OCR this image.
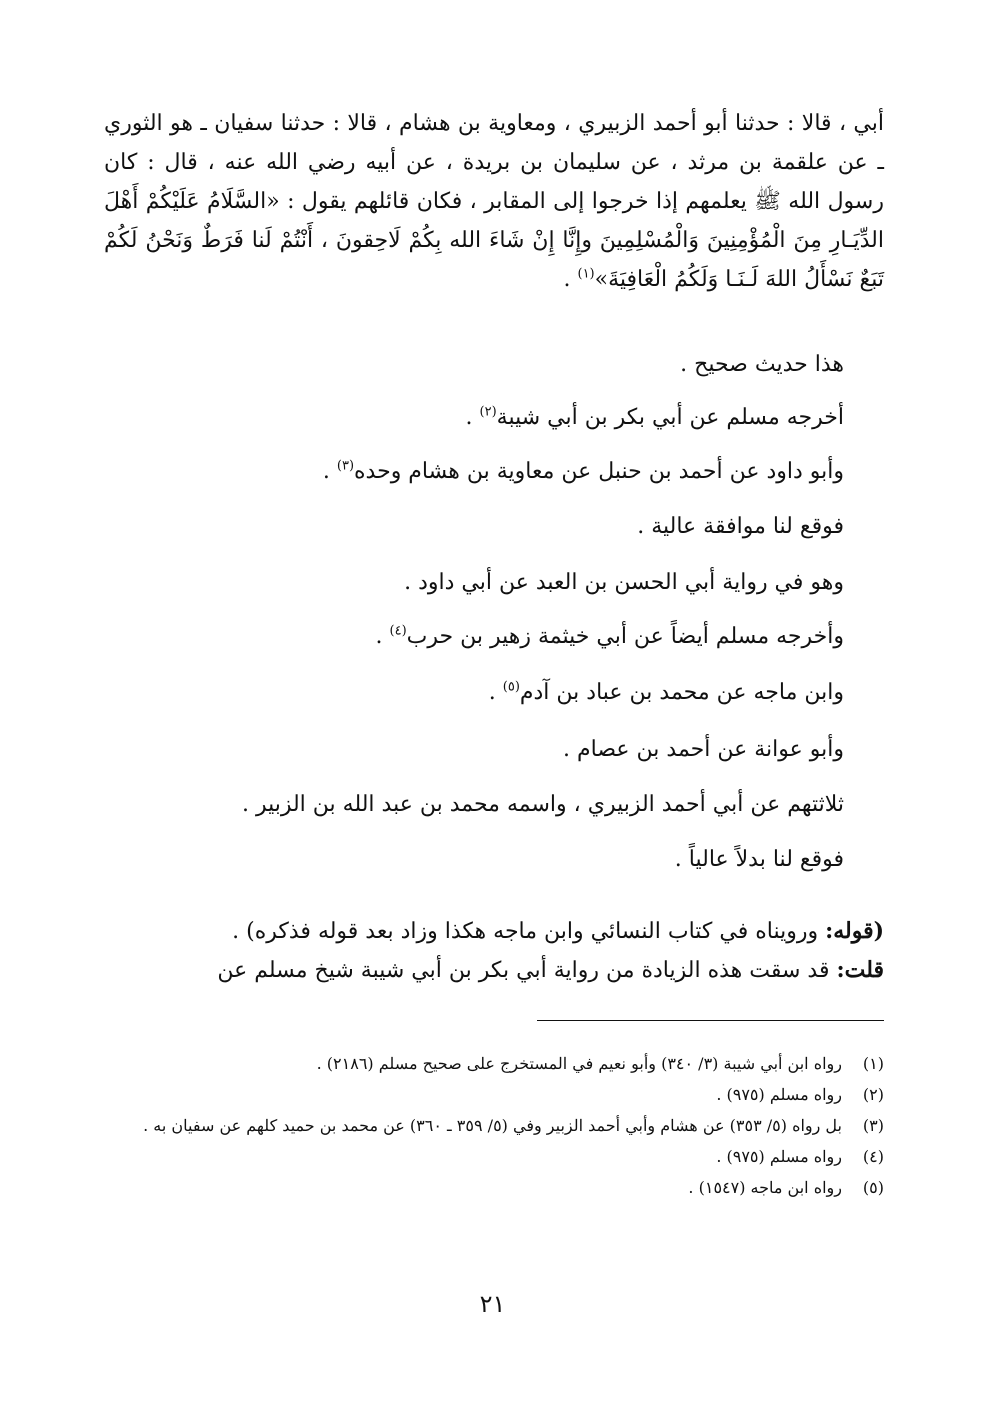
أبي ، قالا : حدثنا أبو أحمد الزبيري ، ومعاوية بن هشام ، قالا : حدثنا سفيان ـ هو الثوري ـ عن علقمة بن مرثد ، عن سليمان بن بريدة ، عن أبيه رضي الله عنه ، قال : كان رسول الله ﷺ يعلمهم إذا خرجوا إلى المقابر ، فكان قائلهم يقول : «السَّلَامُ عَلَيْكُمْ أَهْلَ الدِّيَـارِ مِنَ الْمُؤْمِنِينَ وَالْمُسْلِمِينَ وإِنَّا إِنْ شَاءَ الله بِكُمْ لَاحِقونَ ، أَنْتُمْ لَنا فَرَطٌ وَنَحْنُ لَكُمْ تَبَعٌ نَسْأَلُ اللهَ لَـنَـا وَلَكُمُ الْعَافِيَةَ»$^{(١)}$ .

هذا حديث صحيح .

أخرجه مسلم عن أبي بكر بن أبي شيبة$^{(٢)}$ .

وأبو داود عن أحمد بن حنبل عن معاوية بن هشام وحده$^{(٣)}$ .

فوقع لنا موافقة عالية .

وهو في رواية أبي الحسن بن العبد عن أبي داود .

وأخرجه مسلم أيضاً عن أبي خيثمة زهير بن حرب$^{(٤)}$ .

وابن ماجه عن محمد بن عباد بن آدم$^{(٥)}$ .

وأبو عوانة عن أحمد بن عصام .

ثلاثتهم عن أبي أحمد الزبيري ، واسمه محمد بن عبد الله بن الزبير .

فوقع لنا بدلاً عالياً .

(قوله: ورويناه في كتاب النسائي وابن ماجه هكذا وزاد بعد قوله فذكره) .
قلت: قد سقت هذه الزيادة من رواية أبي بكر بن أبي شيبة شيخ مسلم عن

(١)
رواه ابن أبي شيبة (٣/ ٣٤٠) وأبو نعيم في المستخرج على صحيح مسلم (٢١٨٦) .
(٢)
رواه مسلم (٩٧٥) .
(٣)
بل رواه (٥/ ٣٥٣) عن هشام وأبي أحمد الزبير وفي (٥/ ٣٥٩ ـ ٣٦٠) عن محمد بن حميد كلهم عن سفيان به .
(٤)
رواه مسلم (٩٧٥) .
(٥)
رواه ابن ماجه (١٥٤٧) .
٢١
